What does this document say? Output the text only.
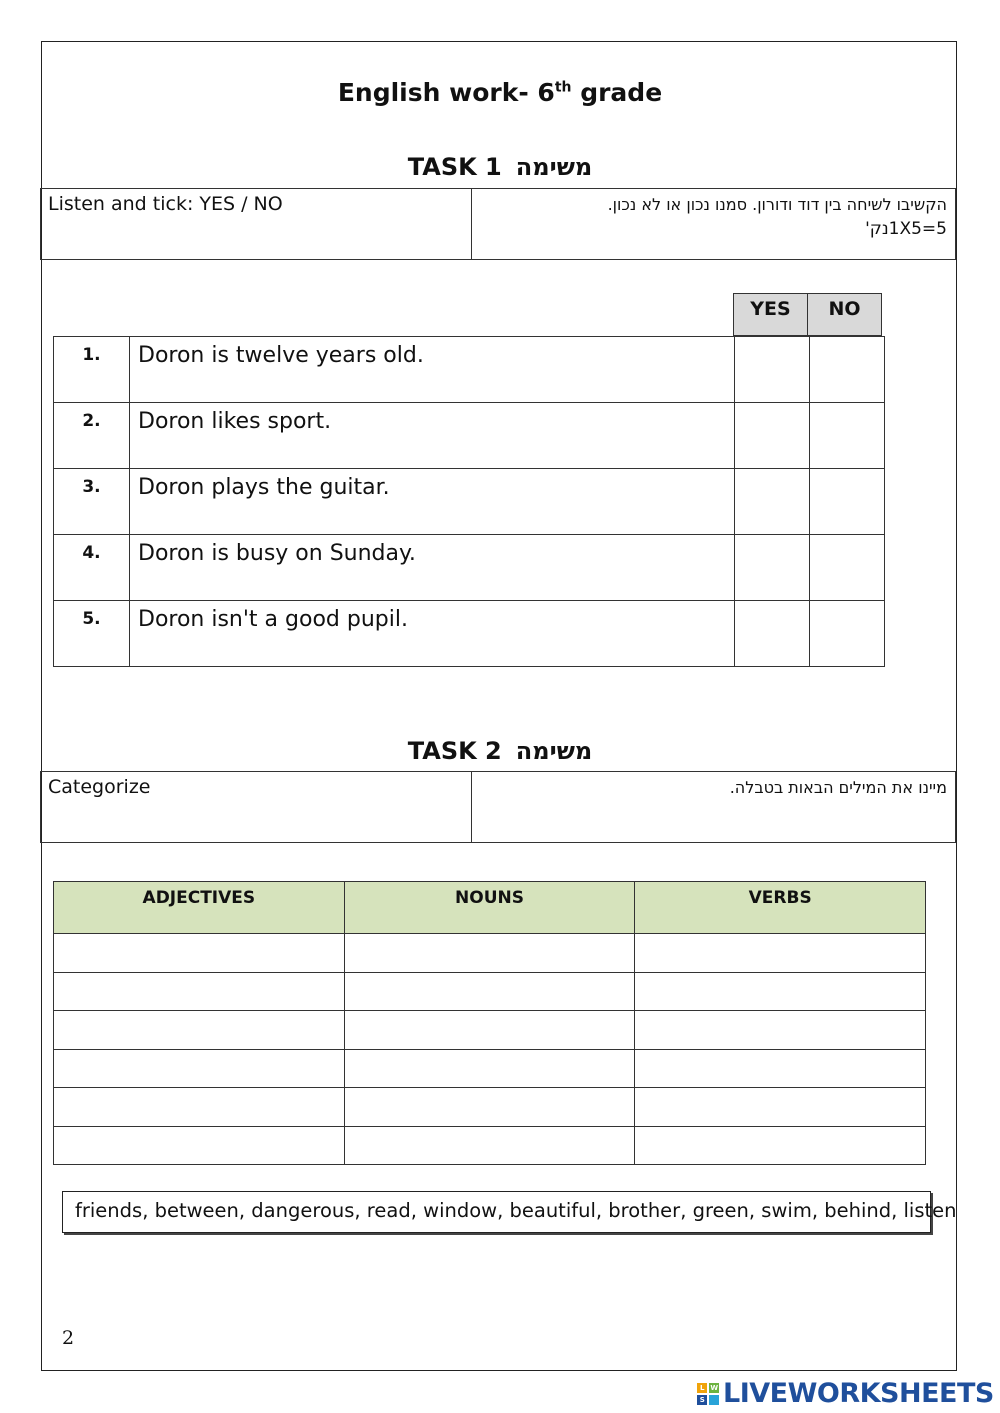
English work- 6th grade
TASK 1 משימה
Listen and tick: YES / NO	הקשיבו לשיחה בין דוד ודורון. סמנו נכון או לא נכון.
1X5=5נק'
YES	NO
1.	Doron is twelve years old.		
2.	Doron likes sport.		
3.	Doron plays the guitar.		
4.	Doron is busy on Sunday.		
5.	Doron isn't a good pupil.		
TASK 2 משימה
Categorize	מיינו את המילים הבאות בטבלה.
ADJECTIVES	NOUNS	VERBS

friends, between, dangerous, read, window, beautiful, brother, green, swim, behind, listen
2
L W
S LIVEWORKSHEETS
